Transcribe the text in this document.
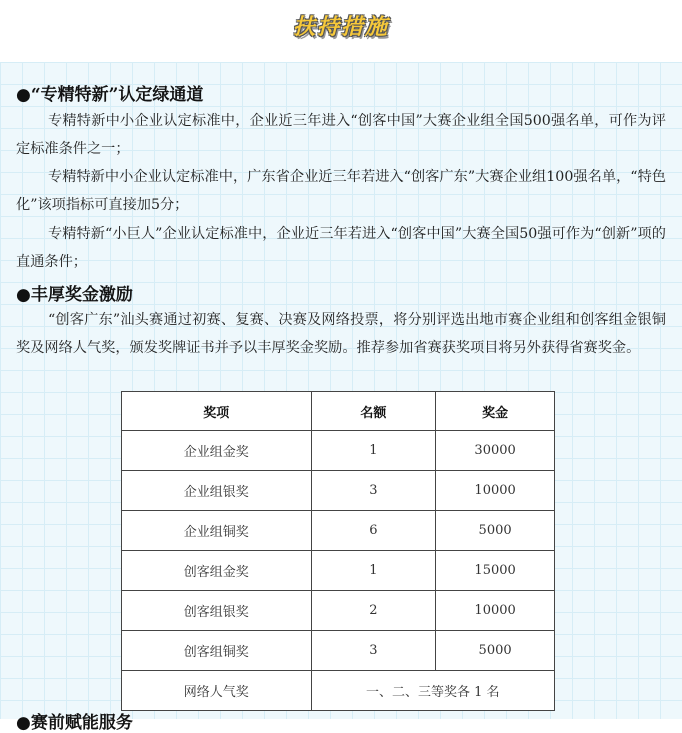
扶持措施
●“专精特新”认定绿通道
专精特新中小企业认定标准中，企业近三年进入“创客中国”大赛企业组全国500强名单，可作为评定标准条件之一；
专精特新中小企业认定标准中，广东省企业近三年若进入“创客广东”大赛企业组100强名单，“特色化”该项指标可直接加5分；
专精特新“小巨人”企业认定标准中，企业近三年若进入“创客中国”大赛全国50强可作为“创新”项的直通条件；
●丰厚奖金激励
“创客广东”汕头赛通过初赛、复赛、决赛及网络投票，将分别评选出地市赛企业组和创客组金银铜奖及网络人气奖，颁发奖牌证书并予以丰厚奖金奖励。推荐参加省赛获奖项目将另外获得省赛奖金。
奖项	名额	奖金
企业组金奖	1	30000
企业组银奖	3	10000
企业组铜奖	6	5000
创客组金奖	1	15000
创客组银奖	2	10000
创客组铜奖	3	5000
网络人气奖	一、二、三等奖各 1 名	
●赛前赋能服务
